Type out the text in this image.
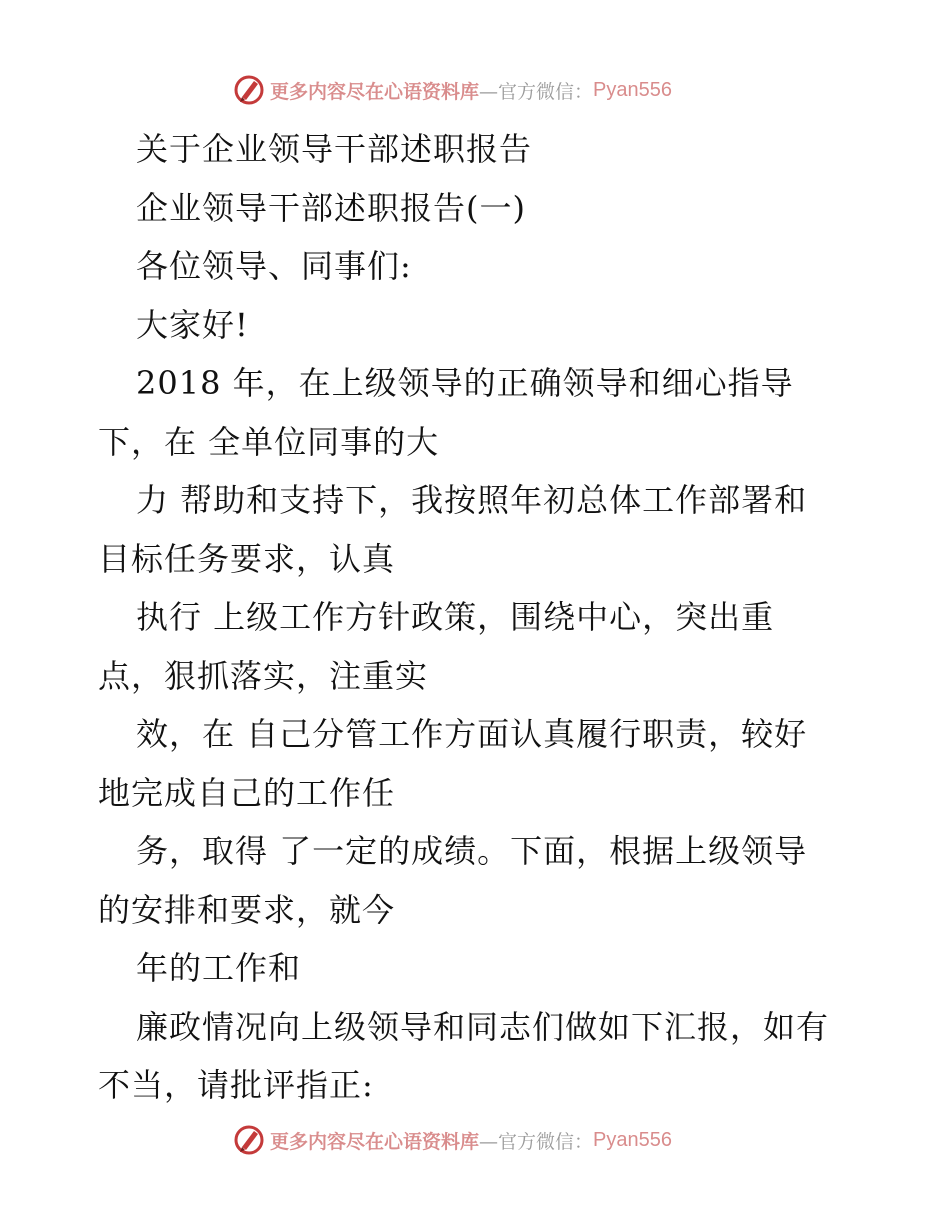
更多内容尽在心语资料库 —官方微信： Pyan556
关于企业领导干部述职报告
企业领导干部述职报告(一)
各位领导、同事们:
大家好!
2018 年，在上级领导的正确领导和细心指导
下，在 全单位同事的大
力 帮助和支持下，我按照年初总体工作部署和
目标任务要求，认真
执行 上级工作方针政策，围绕中心，突出重
点，狠抓落实，注重实
效，在 自己分管工作方面认真履行职责，较好
地完成自己的工作任
务，取得 了一定的成绩。下面，根据上级领导
的安排和要求，就今
年的工作和
廉政情况向上级领导和同志们做如下汇报，如有
不当，请批评指正:
更多内容尽在心语资料库 —官方微信： Pyan556
